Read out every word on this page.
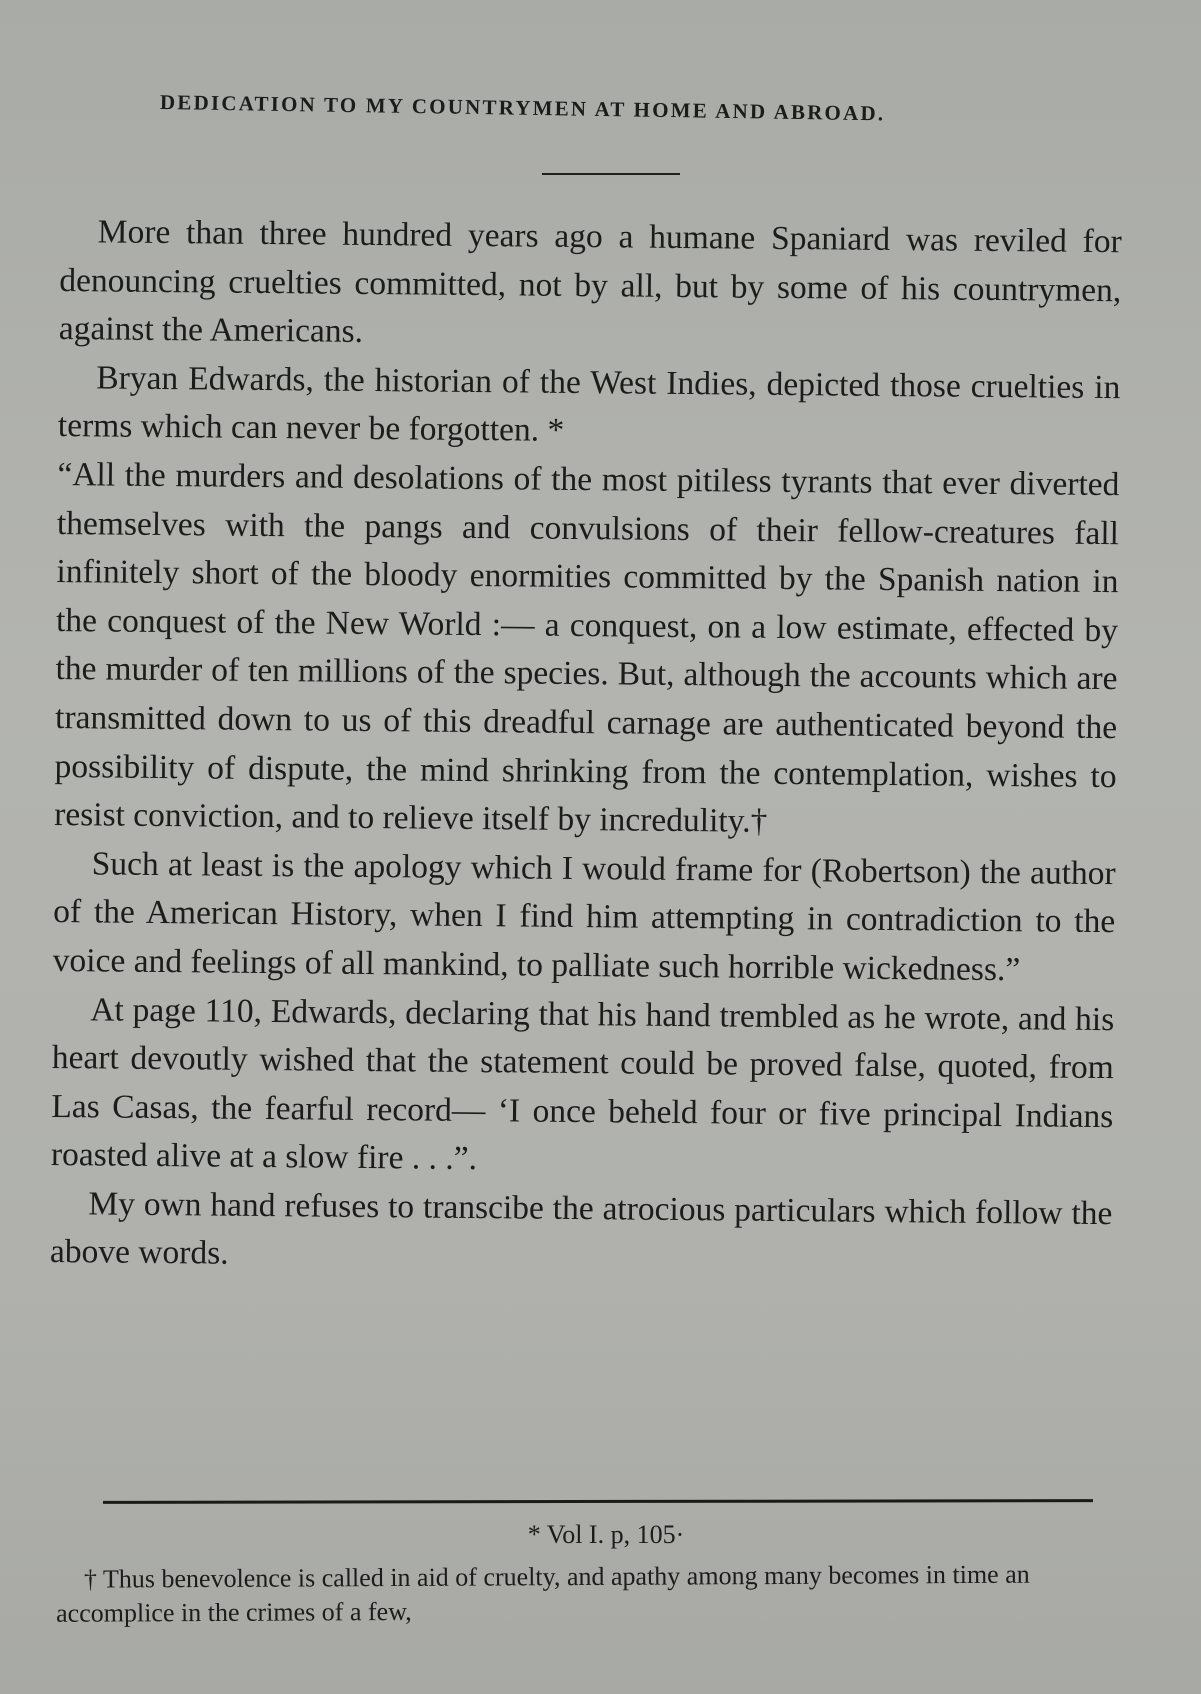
DEDICATION TO MY COUNTRYMEN AT HOME AND ABROAD.

More than three hundred years ago a humane Spaniard was reviled for denouncing cruelties committed, not by all, but by some of his countrymen, against the Americans.

Bryan Edwards, the historian of the West Indies, depicted those cruelties in terms which can never be forgotten. *

“All the murders and desolations of the most pitiless tyrants that ever diverted themselves with the pangs and convulsions of their fellow-creatures fall infinitely short of the bloody enormities committed by the Spanish nation in the conquest of the New World :— a conquest, on a low estimate, effected by the murder of ten millions of the species. But, although the accounts which are transmitted down to us of this dreadful carnage are authenticated beyond the possibility of dispute, the mind shrinking from the contemplation, wishes to resist conviction, and to relieve itself by incredulity.†

Such at least is the apology which I would frame for (Robertson) the author of the American History, when I find him attempting in contradiction to the voice and feelings of all mankind, to palliate such horrible wickedness.”

At page 110, Edwards, declaring that his hand trembled as he wrote, and his heart devoutly wished that the statement could be proved false, quoted, from Las Casas, the fearful record— ‘I once beheld four or five principal Indians roasted alive at a slow fire . . .”.

My own hand refuses to transcibe the atrocious particulars which follow the above words.

* Vol I. p, 105·
† Thus benevolence is called in aid of cruelty, and apathy among many becomes in time an accomplice in the crimes of a few,
